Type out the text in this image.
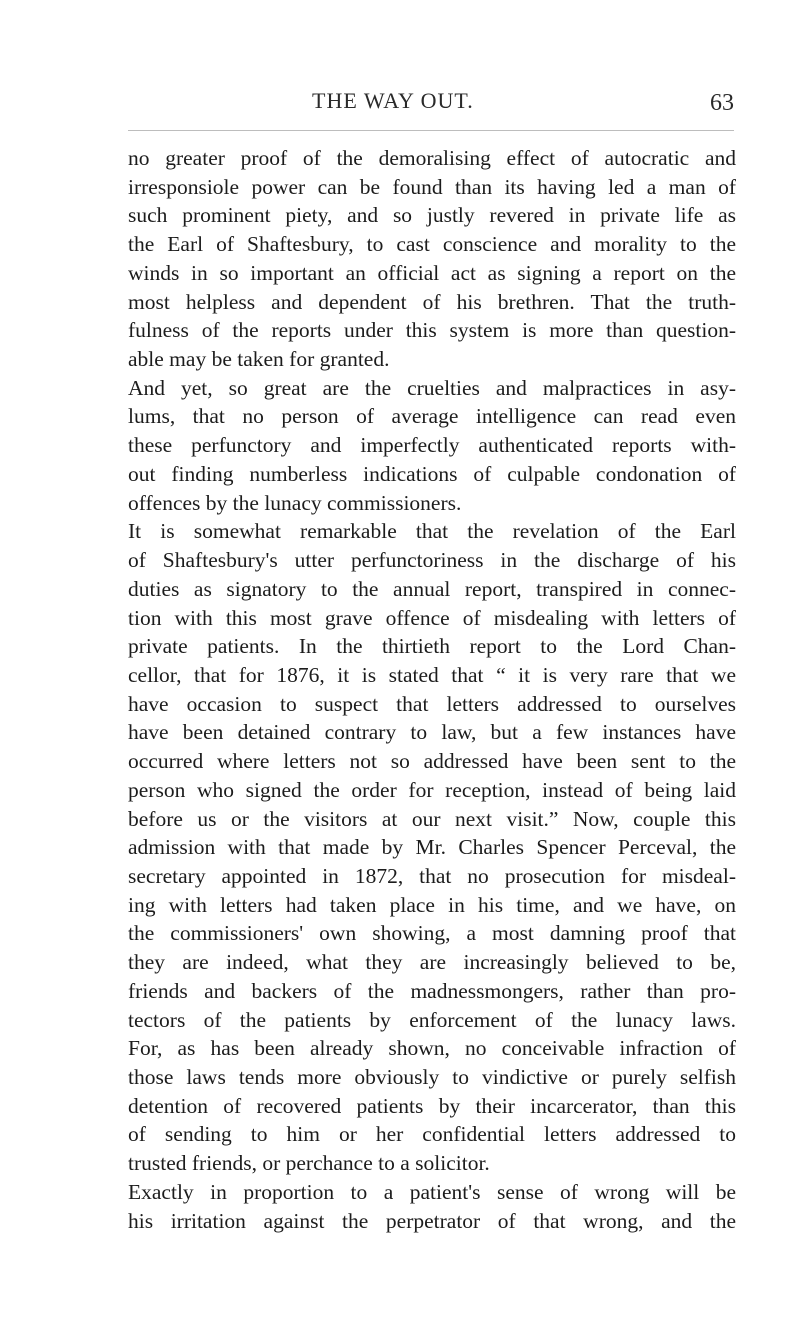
THE WAY OUT.	63
no greater proof of the demoralising effect of autocratic and
irresponsiole power can be found than its having led a man of
such prominent piety, and so justly revered in private life as
the Earl of Shaftesbury, to cast conscience and morality to the
winds in so important an official act as signing a report on the
most helpless and dependent of his brethren. That the truth-
fulness of the reports under this system is more than question-
able may be taken for granted.
And yet, so great are the cruelties and malpractices in asy-
lums, that no person of average intelligence can read even
these perfunctory and imperfectly authenticated reports with-
out finding numberless indications of culpable condonation of
offences by the lunacy commissioners.
It is somewhat remarkable that the revelation of the Earl
of Shaftesbury's utter perfunctoriness in the discharge of his
duties as signatory to the annual report, transpired in connec-
tion with this most grave offence of misdealing with letters of
private patients. In the thirtieth report to the Lord Chan-
cellor, that for 1876, it is stated that “ it is very rare that we
have occasion to suspect that letters addressed to ourselves
have been detained contrary to law, but a few instances have
occurred where letters not so addressed have been sent to the
person who signed the order for reception, instead of being laid
before us or the visitors at our next visit.” Now, couple this
admission with that made by Mr. Charles Spencer Perceval, the
secretary appointed in 1872, that no prosecution for misdeal-
ing with letters had taken place in his time, and we have, on
the commissioners' own showing, a most damning proof that
they are indeed, what they are increasingly believed to be,
friends and backers of the madnessmongers, rather than pro-
tectors of the patients by enforcement of the lunacy laws.
For, as has been already shown, no conceivable infraction of
those laws tends more obviously to vindictive or purely selfish
detention of recovered patients by their incarcerator, than this
of sending to him or her confidential letters addressed to
trusted friends, or perchance to a solicitor.
Exactly in proportion to a patient's sense of wrong will be
his irritation against the perpetrator of that wrong, and the
